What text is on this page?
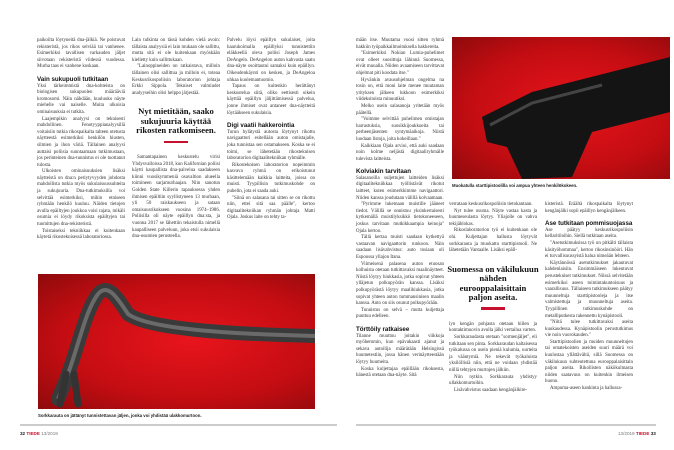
paikoilta löytyneitä dna-jälkiä. Ne poistuvat rekisteristä, jos rikos selviää tai vanhenee. Esimerkiksi tavallisen varkauden jäljet siivotaan rekisteristä viidessä vuodessa. Murha taas ei vanhene koskaan.

Vain sukupuoli tutkitaan

Yksi tärkeimmistä dna-kohteista on biologisen sukupuolen määrääviä kromosomi. Näin nähdään, kuuluuko näyte miehelle vai naiselle. Muita ulkoisia ominaisuuksia ei tutkita.

Laajempikin analyysi on teknisesti mahdollinen. Fenotyyppianalyysillä voitaisiin tutkia rikospaikalta talteen otetusta näytteestä esimerkiksi henkilön hiusten, silmien ja ihon väriä. Tällainen analyysi auttaisi poliisia suuntaamaan tutkimustaan, jos perinteinen dna-tunnistus ei ole tuottanut tulosta.

Ulkoisten ominaisuuksien lisäksi näytteistä on dna:n periytyvyyden johdosta mahdollista tutkia myös sukulaisuussuhteita ja sukujuuria. Dna-tutkimuksilla voi selvittää esimerkiksi, mihin etniseen ryhmään henkilö kuuluu. Näiden tietojen avulla epäiltyjen joukkoa voisi rajata, mikäli osumia ei löydy rikoksista epäiltyjen tai tuomittujen dna-rekisteristä.

Toistaiseksi tekniikkaa ei kuitenkaan käytetä rikosteknisessä laboratoriossa.

Lain tulkinta on tässä kohden vielä avoin: tällaista analyysiä ei lain mukaan ole sallittu, mutta sitä ei ole kuitenkaan myöskään kielletty kuin sallittukaan.

"Lainoppineiden on ratkaistava, milloin tällainen olisi sallittua ja milloin ei, toteaa Keskusrikospoliisin laboratorion johtaja Erkki Sippola. Tekniset valmiudet analyyseihin olisi helppo järjestää.

Nyt mietitään, saako sukujuuria käyttää rikosten ratkomiseen.

Samantapainen keskustelu virisi Yhdysvalloissa 2018, kun Kalifornian poliisi käytti kaupallista dna-palvelua saadakseen kiinni vuosikymmeniä osavaltion alueella toimineen sarjamurhaajan. Niin sanotun Golden State Killerin tapauksessa yhden ihmisen epäiltiin syyllistyneen 13 murhaan, yli 50 raiskaukseen ja sataan omaisuusrikokseen vuosina 1974–1986. Poliisilla oli näyte epäillyn dna:sta, ja vuonna 2017 se lähettiin tekaistulla nimellä kaupalliseen palveluun, joka etsii sukulaisia dna-osumien perusteella.

Palvelu löysi epäillyn sukulaiset, joita haarukoimalla epäillyksi tunnistettiin eläkkeellä oleva poliisi Joseph James DeAngelo. DeAngelon auton kahvasta saatu dna-näyte osoittautui samaksi kuin epäillyn. Oikeudenkäynti on kesken, ja DeAngeloa uhkaa kuolemantuomio.

Tapaus on kuitenkin herättänyt keskustelua siitä, oliko eettisesti oikein käyttää epäillyn jäljittämisessä palvelua, jonne ihmiset ovat antaneet dna-näytteitä löytääkseen sukulaisia.

Digi vaatii hakkerointia

Turun hylätystä autosta löytynyt rikottu navigaattori esitellään auton omistajalle, joka tunnistaa sen ostamakseen. Koska se ei toimi, se lähetetään rikosteknisen laboratorion digitaalitekniikan ryhmälle.

Rikosteknisen laboratorion nopeimmin kasvava ryhmä on erikoistunut käsittelemään kaikkia laitteita, joissa on muisti. Tyypillisin tutkimuskohde on puhelin, jota ei saada auki.

"Siinä on salasana tai sitten se on rikottu niin, ettei sitä saa päälle", kertoo digitaalitekniikan ryhmän johtaja Matti Ojala. Joskus laite on tehty ta-

Sorkkarauta on jättänyt tunnistettavan jäljen, jonka voi yhdistää ulakkomurtoon.
32 TIEDE 13/2019

mään itse. Muutama vuosi sitten ryhmä hakkiin työpaikkailmoituksella hakkereita.

"Esimerkiksi Nokian Lumia-puhelimet ovat olleet suosittuja lähinnä Suomessa, eivät muualla. Niiden avaamiseen tarvittavat ohjelmat piti koodata itse."

Hyvänkin avausohjelman ongelma na tosin on, että moni laite menee muutaman yrityksen jälkeen lukkoon esimerkiksi viideksitoista minuutiksi.

Melko usein salasanoja yritetään myös päätellä.

"Voimme selvittää puhelimen omistajan harrastuksia, suosikkijoukkueita tai perheenjäsenten syntymäaikoja. Niistä luodaan listoja, joita kokeillaan."

Kaikkiaan Ojala arvioi, että auki saadaan noin kolme neljästä digitaaliryhmälle tulevista laitteista.

Kolviakin tarvitaan

Salasanoilla suljettujen laitteiden lisäksi digitaalitekniikkaa työllistävät rikotut laitteet, kuten esimerkkimme navigaattori. Niiden kanssa joudutaan välillä kolvaamaan.

"Pyrimme lukemaan muistille jääneet tiedot. Välillä se onnistuu yksinkertaisesti kytkemällä muistilyksikkö tietokoneeseen, joskus tarvitaan mutkikkaampia keinoja" Ojala kertoo.

Tällä kertaa muisti saadaan kytkettyä vastaavan navigaattorin runkoon. Näin saadaan lisävahvistus: auto tosiaan oli Espoossa yllajon Itana.

Viimeisenä palasena auton etuosan kolhuista otetaan tutkittavaksi maalinäytteet. Niistä löytyy hiukkasia, jotka sopivat yhteen ylläjetun polkupyörän kanssa. Lisäksi polkupyörästä löytyy maalihiukkasia, jotka sopivat yhteen auton tummansinisen maalin kanssa. Auto on siis osunut polkupyörään.

Tunnistus on selvä – mutta kuljettaja puuttuu edelleen.

Törttöily ratkaisee

Tilanne muuttuu joitakin viikkoja myöhemmin, kun epävakaasti ajanut ja sekava autoilija määrätään Helsingissä huumetestiin, jossa hänen verinäytteestään löytyy huumeita.

Koska kuljettajaa epäillään rikoksesta, hänestä otetaan dna-näyte. Sitä

Muokatulla starttipistoolilla voi ampua yhteen henkilökokeen.

verrataan keskusrikospoliisin tietokantaan.

Nyt tulee osuma. Näyte vastaa kasta ja huumeseulasta löytyy. Yliajolle on vahva tekijählokas.

Rikoslaboratorion työ ei kuitenkaan ole ohi. Kuljettajan hallusta löytyvät sorkkarauta ja muokattu starttipistooli. Ne lähetetään Vantaalle. Lisäksi epäil-

Suomessa on väkilukuun nähden eurooppalaisittain paljon aseita.

lyn kengän pohjasta otetaan hiilen ja kontaktimuovin avulla jälki vertailua varten.

Sorkkaraudasta otetaan "sormenjäljet", eli tutkitaan sen pinta. Sorkkaraudan kaltaisessa työkalussa on usein pieniä kulumia, uurteita ja vääntymiä. Ne tekevät työkaluista yksilöllisiä niin, että ne voidaan yhdistää niillä tehtyjen murtojen jälkiin.

Niin nytkin. Sorkkarauta yhdistyy ullakkomurtoihin.

Lisävahvistus saadaan kengänjälkire-

kisteristä. Eräältä rikospaikalta löytynyt kengänjälki sopii epäillyn kengänjälkeen.

Ase tutkitaan pommisuojassa

Ase päätyy keskusrikospoliisin kellaritiloihin. Siellä tutkitaan aseita.

"Asetutkimuksissa työ on pitkälti tällaista käsityöhommaa", kertoo rikosinsinööri. Hän ei turvallisuussyistä halua nimeään lehteen.

Käytännössä asetutkimukset jakautuvat kahdenlaisiin. Ensimmäiseen lukeutuvat perustekniset tutkimukset. Niissä selvitetään esimerkiksi aseen toimintakuntoisuus ja vaarallisuus. Tällaiseen tutkimukseen päätyy muunneltuja starttipistooleja ja itse valmistettuja ja muunneltuja aseita. Tyypillinen tutkimuskohde on metalliputkesta rakennettu kynäpistooli.

"Niitä tulee tutkittavaksi aseita kuukaudessa. Kynäpistoolin perustutkimus vie noin vuorokauden."

Starttipistoolien ja muiden muunneltujen tai omatekoisten aseiden suuri määrä voi kuulostaa yllättävältä, sillä Suomessa on väkilukuun suhteutettuna eurooppalaisittain paljon aseita. Rikollisten näkökulmasta niiden saatavuus on kuitenkin ilmeisen huono.

Ampuma-aseen hankinta ja hallussa-

13/2019 TIEDE 33
